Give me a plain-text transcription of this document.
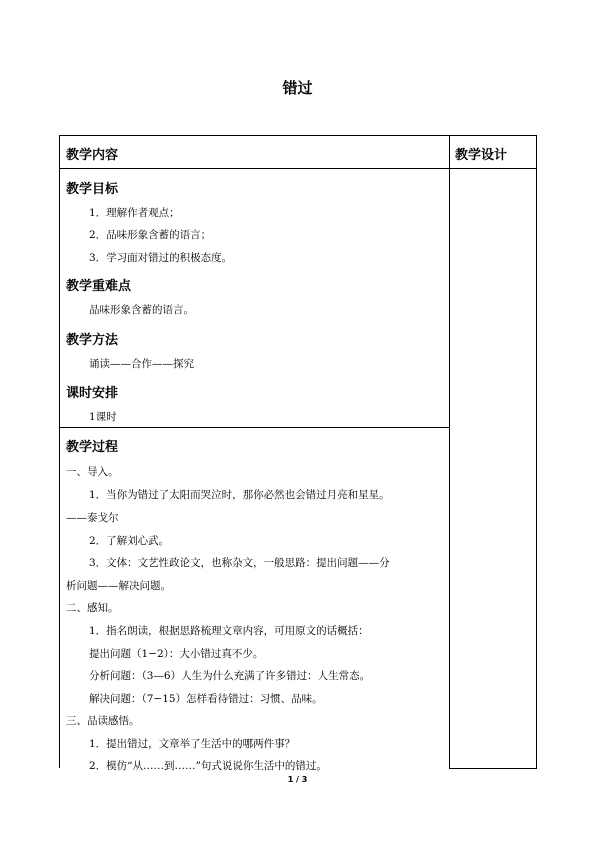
错过
教学内容	教学设计
教学目标
1．理解作者观点；
2．品味形象含蓄的语言；
3．学习面对错过的积极态度。
教学重难点
品味形象含蓄的语言。
教学方法
诵读——合作——探究
课时安排
1课时
教学过程
一、导入。
1．当你为错过了太阳而哭泣时，那你必然也会错过月亮和星星。
——泰戈尔
2．了解刘心武。
3．文体：文艺性政论文，也称杂文，一般思路：提出问题——分
析问题——解决问题。
二、感知。
1．指名朗读，根据思路梳理文章内容，可用原文的话概括：
提出问题（1−2）：大小错过真不少。
分析问题：（3—6）人生为什么充满了许多错过：人生常态。
解决问题：（7−15）怎样看待错过：习惯、品味。
三、品读感悟。
1．提出错过，文章举了生活中的哪两件事？
2．模仿“从……到……”句式说说你生活中的错过。
1 / 3
